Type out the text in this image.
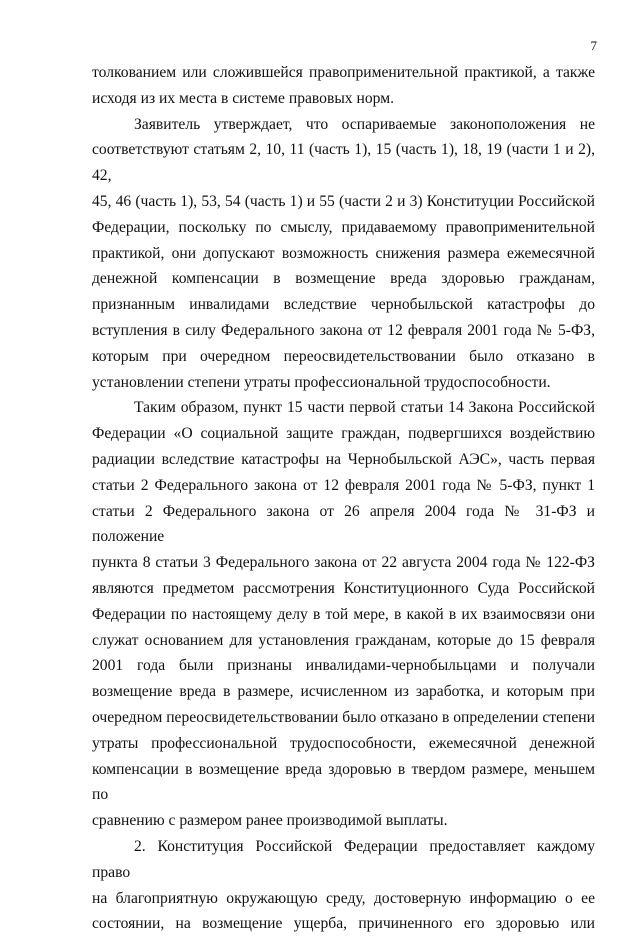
7

толкованием или сложившейся правоприменительной практикой, а также
исходя из их места в системе правовых норм.

Заявитель утверждает, что оспариваемые законоположения не
соответствуют статьям 2, 10, 11 (часть 1), 15 (часть 1), 18, 19 (части 1 и 2), 42,
45, 46 (часть 1), 53, 54 (часть 1) и 55 (части 2 и 3) Конституции Российской
Федерации, поскольку по смыслу, придаваемому правоприменительной
практикой, они допускают возможность снижения размера ежемесячной
денежной компенсации в возмещение вреда здоровью гражданам,
признанным инвалидами вследствие чернобыльской катастрофы до
вступления в силу Федерального закона от 12 февраля 2001 года № 5-ФЗ,
которым при очередном переосвидетельствовании было отказано в
установлении степени утраты профессиональной трудоспособности.

Таким образом, пункт 15 части первой статьи 14 Закона Российской
Федерации «О социальной защите граждан, подвергшихся воздействию
радиации вследствие катастрофы на Чернобыльской АЭС», часть первая
статьи 2 Федерального закона от 12 февраля 2001 года № 5-ФЗ, пункт 1
статьи 2 Федерального закона от 26 апреля 2004 года № 31-ФЗ и положение
пункта 8 статьи 3 Федерального закона от 22 августа 2004 года № 122-ФЗ
являются предметом рассмотрения Конституционного Суда Российской
Федерации по настоящему делу в той мере, в какой в их взаимосвязи они
служат основанием для установления гражданам, которые до 15 февраля
2001 года были признаны инвалидами-чернобыльцами и получали
возмещение вреда в размере, исчисленном из заработка, и которым при
очередном переосвидетельствовании было отказано в определении степени
утраты профессиональной трудоспособности, ежемесячной денежной
компенсации в возмещение вреда здоровью в твердом размере, меньшем по
сравнению с размером ранее производимой выплаты.

2. Конституция Российской Федерации предоставляет каждому право
на благоприятную окружающую среду, достоверную информацию о ее
состоянии, на возмещение ущерба, причиненного его здоровью или
